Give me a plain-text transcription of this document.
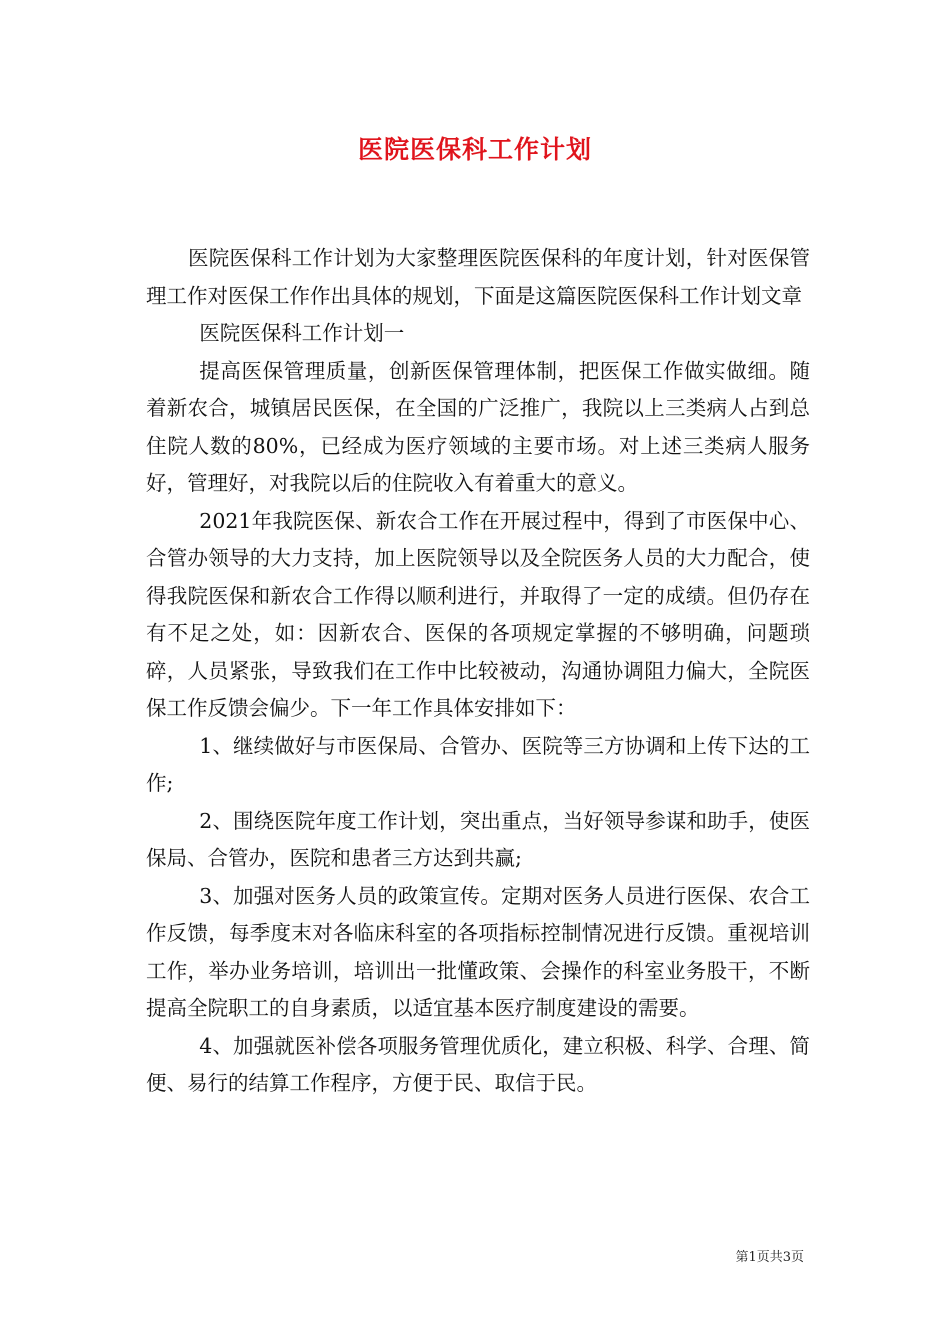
医院医保科工作计划

医院医保科工作计划为大家整理医院医保科的年度计划，针对医保管理工作对医保工作作出具体的规划，下面是这篇医院医保科工作计划文章

医院医保科工作计划一

提高医保管理质量，创新医保管理体制，把医保工作做实做细。随着新农合，城镇居民医保，在全国的广泛推广，我院以上三类病人占到总住院人数的80%，已经成为医疗领域的主要市场。对上述三类病人服务好，管理好，对我院以后的住院收入有着重大的意义。

2021年我院医保、新农合工作在开展过程中，得到了市医保中心、合管办领导的大力支持，加上医院领导以及全院医务人员的大力配合，使得我院医保和新农合工作得以顺利进行，并取得了一定的成绩。但仍存在有不足之处，如：因新农合、医保的各项规定掌握的不够明确，问题琐碎，人员紧张，导致我们在工作中比较被动，沟通协调阻力偏大，全院医保工作反馈会偏少。下一年工作具体安排如下：

1、继续做好与市医保局、合管办、医院等三方协调和上传下达的工作;

2、围绕医院年度工作计划，突出重点，当好领导参谋和助手，使医保局、合管办，医院和患者三方达到共赢;

3、加强对医务人员的政策宣传。定期对医务人员进行医保、农合工作反馈，每季度末对各临床科室的各项指标控制情况进行反馈。重视培训工作，举办业务培训，培训出一批懂政策、会操作的科室业务股干，不断提高全院职工的自身素质，以适宜基本医疗制度建设的需要。

4、加强就医补偿各项服务管理优质化，建立积极、科学、合理、简便、易行的结算工作程序，方便于民、取信于民。

第1页共3页
